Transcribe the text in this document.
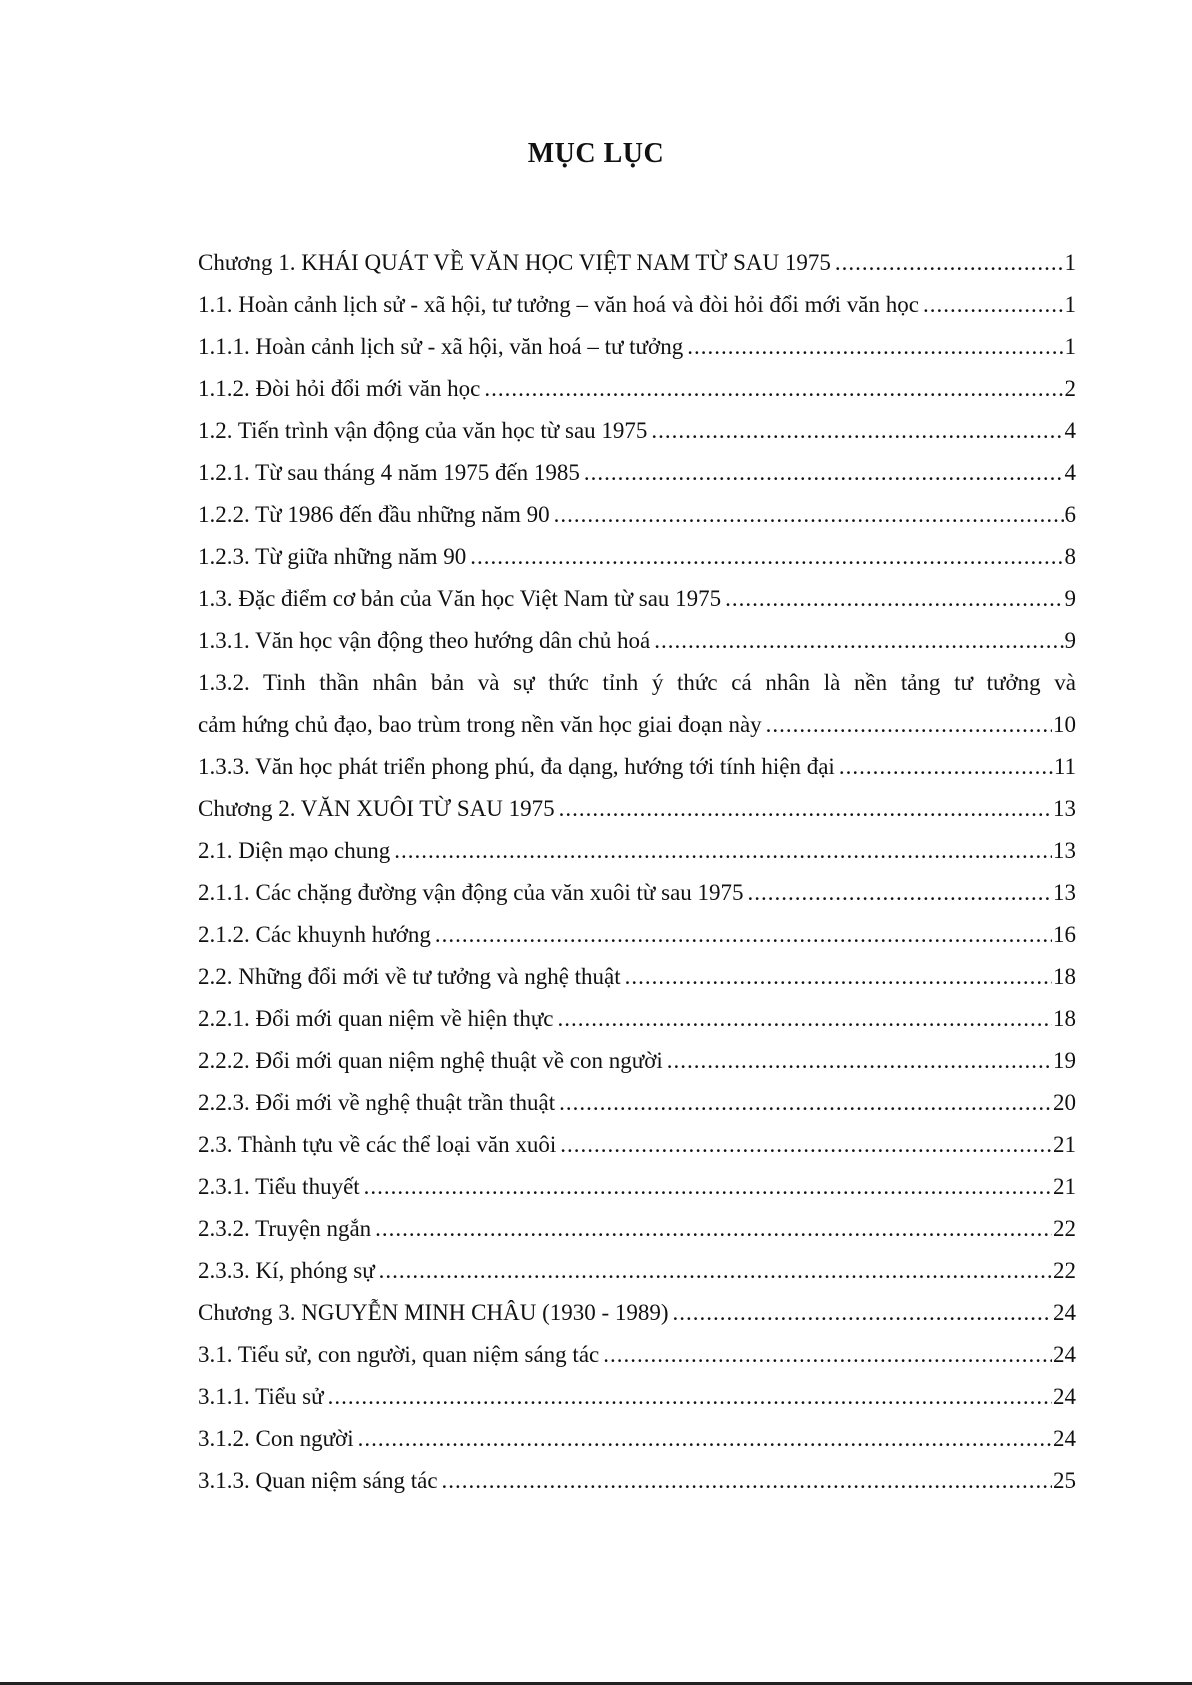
MỤC LỤC
Chương 1. KHÁI QUÁT VỀ VĂN HỌC VIỆT NAM TỪ SAU 1975 .....	1
1.1. Hoàn cảnh lịch sử - xã hội, tư tưởng – văn hoá và đòi hỏi đổi mới văn học .....	1
1.1.1. Hoàn cảnh lịch sử - xã hội, văn hoá – tư tưởng .....	1
1.1.2. Đòi hỏi đổi mới văn học .....	2
1.2. Tiến trình vận động của văn học từ sau 1975 .....	4
1.2.1. Từ sau tháng 4 năm 1975 đến 1985 .....	4
1.2.2. Từ 1986 đến đầu những năm 90 .....	6
1.2.3. Từ giữa những năm 90 .....	8
1.3. Đặc điểm cơ bản của Văn học Việt Nam từ sau 1975 .....	9
1.3.1. Văn học vận động theo hướng dân chủ hoá .....	9
1.3.2. Tinh thần nhân bản và sự thức tỉnh ý thức cá nhân là nền tảng tư tưởng và
cảm hứng chủ đạo, bao trùm trong nền văn học giai đoạn này .....	10
1.3.3. Văn học phát triển phong phú, đa dạng, hướng tới tính hiện đại .....	11
Chương 2. VĂN XUÔI TỪ SAU 1975 .....	13
2.1. Diện mạo chung .....	13
2.1.1. Các chặng đường vận động của văn xuôi từ sau 1975 .....	13
2.1.2. Các khuynh hướng .....	16
2.2. Những đổi mới về tư tưởng và nghệ thuật .....	18
2.2.1. Đổi mới quan niệm về hiện thực .....	18
2.2.2. Đổi mới quan niệm nghệ thuật về con người .....	19
2.2.3. Đổi mới về nghệ thuật trần thuật .....	20
2.3. Thành tựu về các thể loại văn xuôi .....	21
2.3.1. Tiểu thuyết .....	21
2.3.2. Truyện ngắn .....	22
2.3.3. Kí, phóng sự .....	22
Chương 3. NGUYỄN MINH CHÂU (1930 - 1989) .....	24
3.1. Tiểu sử, con người, quan niệm sáng tác .....	24
3.1.1. Tiểu sử .....	24
3.1.2. Con người .....	24
3.1.3. Quan niệm sáng tác .....	25
